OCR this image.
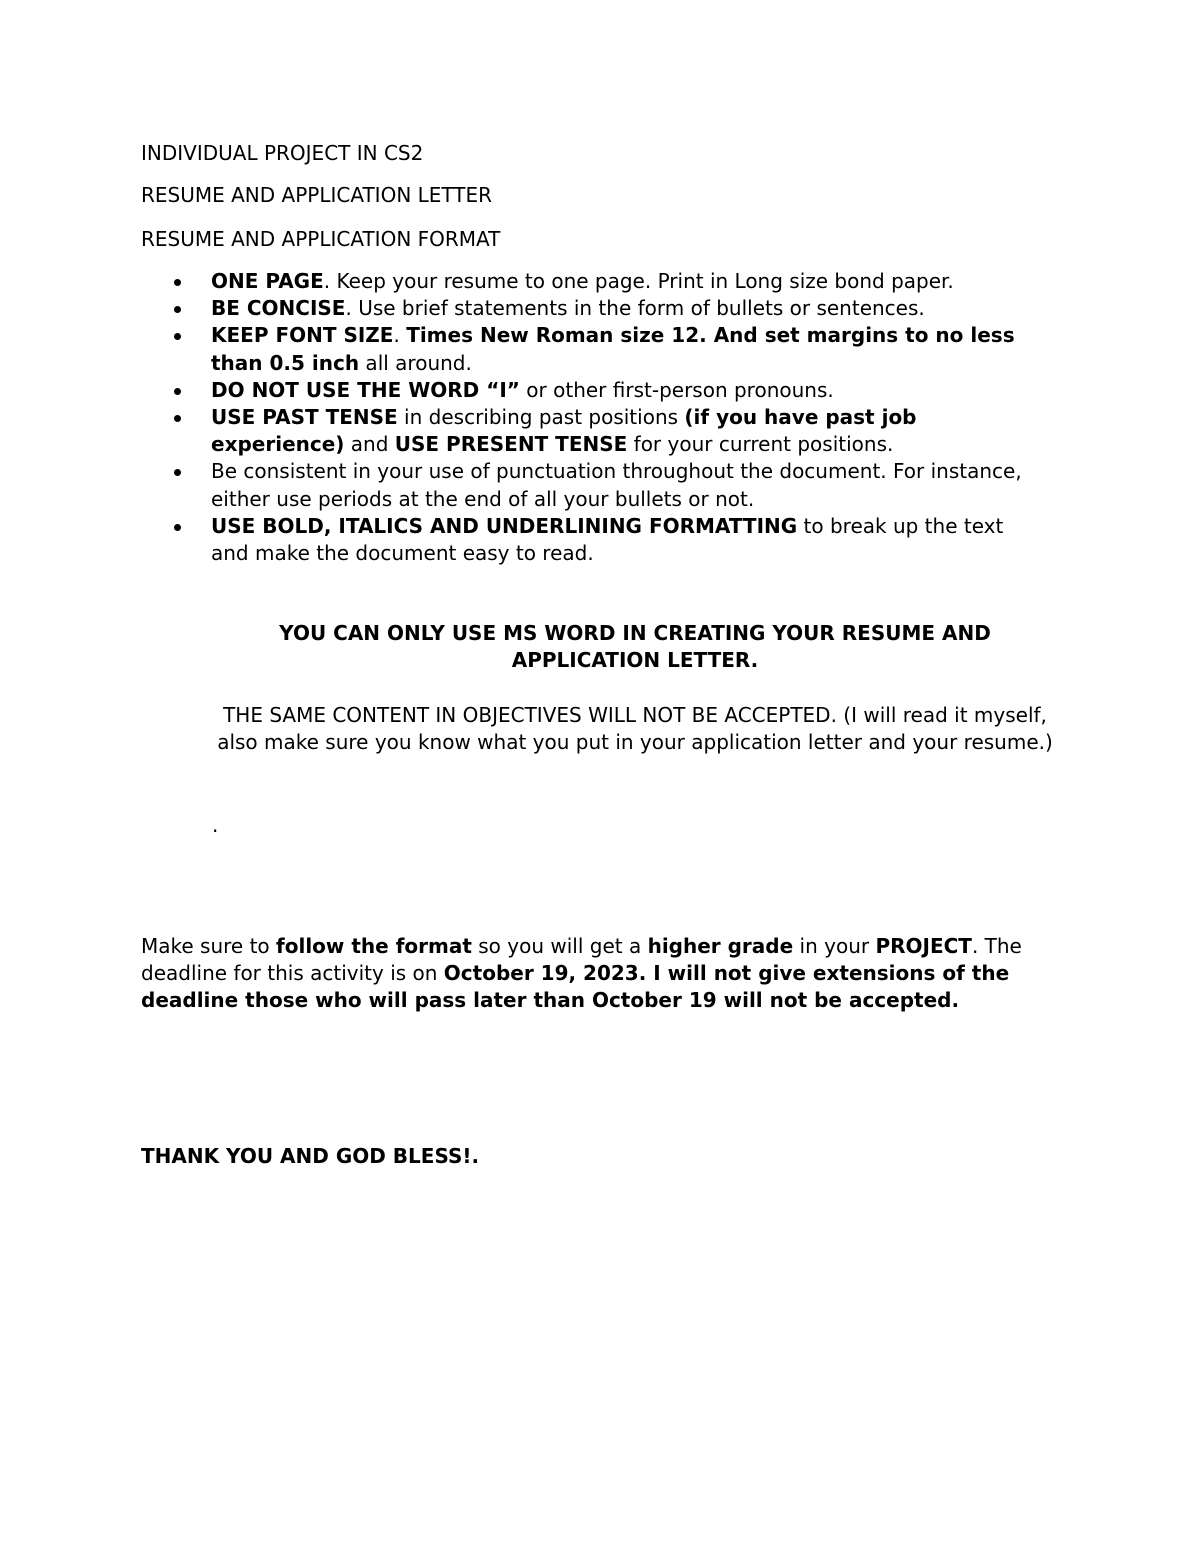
INDIVIDUAL PROJECT IN CS2
RESUME AND APPLICATION LETTER
RESUME AND APPLICATION FORMAT
ONE PAGE. Keep your resume to one page. Print in Long size bond paper.
BE CONCISE. Use brief statements in the form of bullets or sentences.
KEEP FONT SIZE. Times New Roman size 12. And set margins to no less than 0.5 inch all around.
DO NOT USE THE WORD “I” or other first-person pronouns.
USE PAST TENSE in describing past positions (if you have past job experience) and USE PRESENT TENSE for your current positions.
Be consistent in your use of punctuation throughout the document. For instance, either use periods at the end of all your bullets or not.
USE BOLD, ITALICS AND UNDERLINING FORMATTING to break up the text and make the document easy to read.
YOU CAN ONLY USE MS WORD IN CREATING YOUR RESUME AND APPLICATION LETTER.
THE SAME CONTENT IN OBJECTIVES WILL NOT BE ACCEPTED. (I will read it myself, also make sure you know what you put in your application letter and your resume.)
.
Make sure to follow the format so you will get a higher grade in your PROJECT. The deadline for this activity is on October 19, 2023. I will not give extensions of the deadline those who will pass later than October 19 will not be accepted.
THANK YOU AND GOD BLESS!.
